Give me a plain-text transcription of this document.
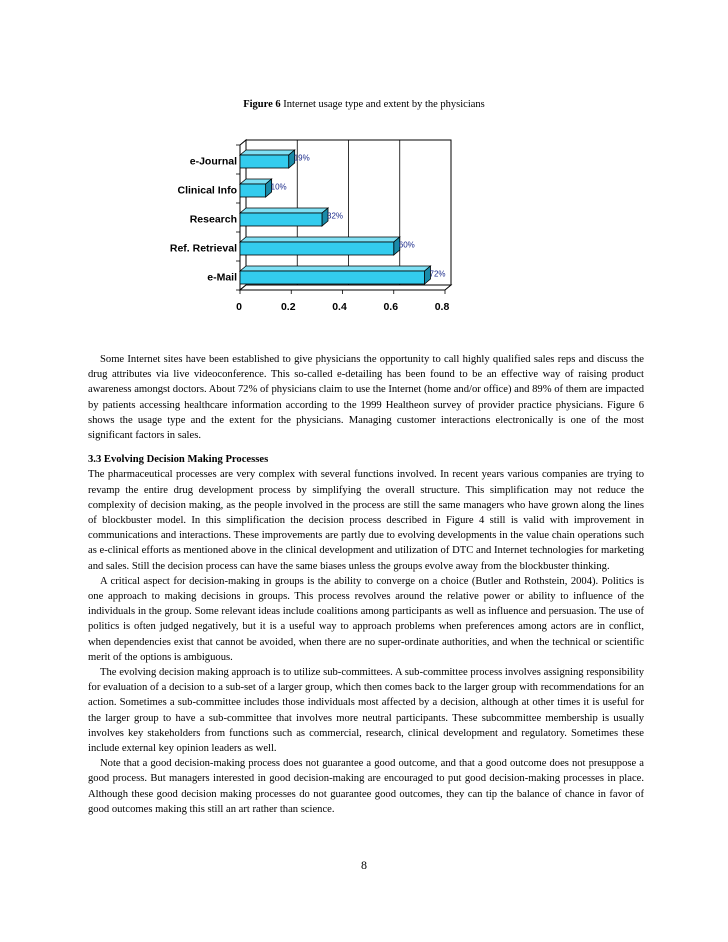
Figure 6 Internet usage type and extent by the physicians
e-Journal	19%
Clinical Info	10%
Research	32%
Ref. Retrieval	60%
e-Mail	72%
0	0.2	0.4	0.6	0.8

Some Internet sites have been established to give physicians the opportunity to call highly qualified sales reps and discuss the drug attributes via live videoconference. This so-called e-detailing has been found to be an effective way of raising product awareness amongst doctors. About 72% of physicians claim to use the Internet (home and/or office) and 89% of them are impacted by patients accessing healthcare information according to the 1999 Healtheon survey of provider practice physicians. Figure 6 shows the usage type and the extent for the physicians. Managing customer interactions electronically is one of the most significant factors in sales.

3.3 Evolving Decision Making Processes

The pharmaceutical processes are very complex with several functions involved. In recent years various companies are trying to revamp the entire drug development process by simplifying the overall structure. This simplification may not reduce the complexity of decision making, as the people involved in the process are still the same managers who have grown along the lines of blockbuster model. In this simplification the decision process described in Figure 4 still is valid with improvement in communications and interactions. These improvements are partly due to evolving developments in the value chain operations such as e-clinical efforts as mentioned above in the clinical development and utilization of DTC and Internet technologies for marketing and sales. Still the decision process can have the same biases unless the groups evolve away from the blockbuster thinking.

A critical aspect for decision-making in groups is the ability to converge on a choice (Butler and Rothstein, 2004). Politics is one approach to making decisions in groups. This process revolves around the relative power or ability to influence of the individuals in the group. Some relevant ideas include coalitions among participants as well as influence and persuasion. The use of politics is often judged negatively, but it is a useful way to approach problems when preferences among actors are in conflict, when dependencies exist that cannot be avoided, when there are no super-ordinate authorities, and when the technical or scientific merit of the options is ambiguous.

The evolving decision making approach is to utilize sub-committees. A sub-committee process involves assigning responsibility for evaluation of a decision to a sub-set of a larger group, which then comes back to the larger group with recommendations for an action. Sometimes a sub-committee includes those individuals most affected by a decision, although at other times it is useful for the larger group to have a sub-committee that involves more neutral participants. These subcommittee membership is usually involves key stakeholders from functions such as commercial, research, clinical development and regulatory. Sometimes these include external key opinion leaders as well.

Note that a good decision-making process does not guarantee a good outcome, and that a good outcome does not presuppose a good process. But managers interested in good decision-making are encouraged to put good decision-making processes in place. Although these good decision making processes do not guarantee good outcomes, they can tip the balance of chance in favor of good outcomes making this still an art rather than science.

8
